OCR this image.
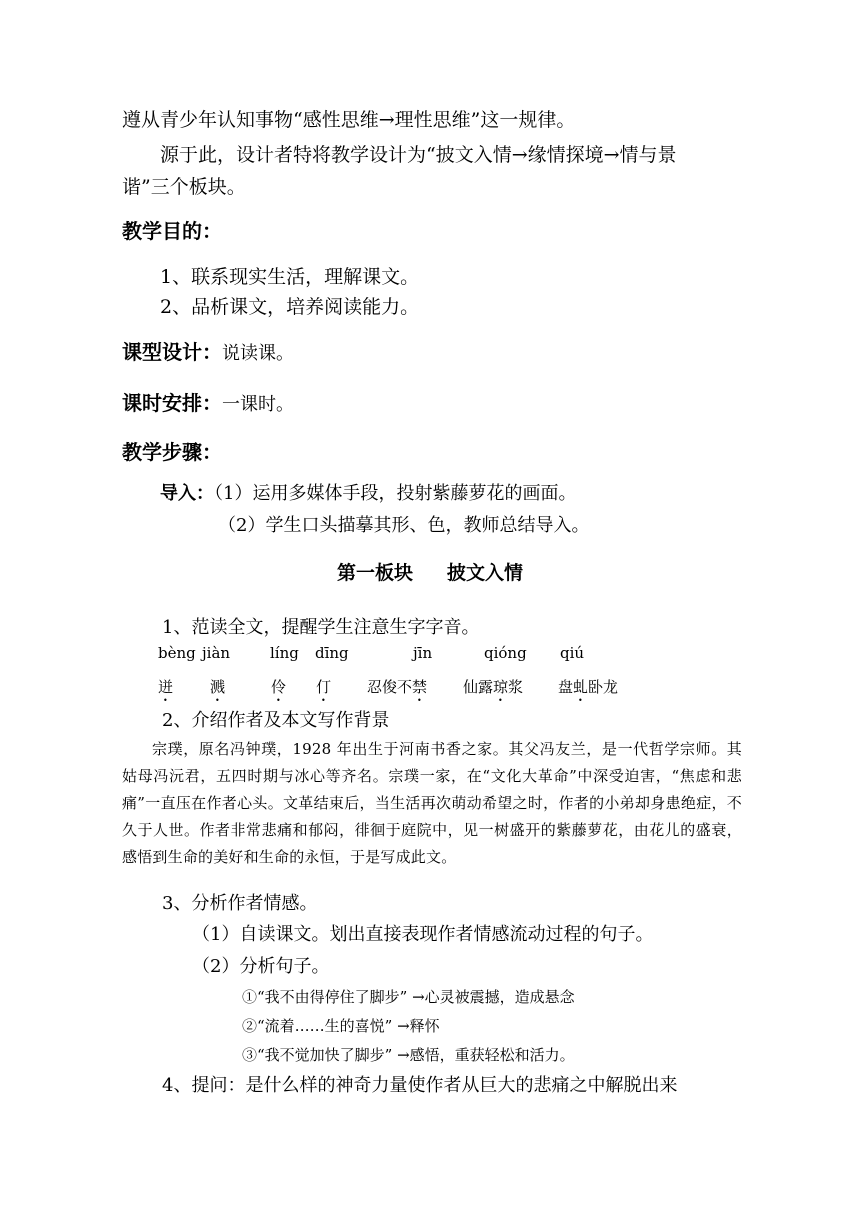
遵从青少年认知事物“感性思维→理性思维”这一规律。
源于此，设计者特将教学设计为“披文入情→缘情探境→情与景
谐”三个板块。
教学目的：
1、联系现实生活，理解课文。
2、品析课文，培养阅读能力。
课型设计：说读课。
课时安排：一课时。
教学步骤：
导入：（1）运用多媒体手段，投射紫藤萝花的画面。
（2）学生口头描摹其形、色，教师总结导入。
第一板块 披文入情
1、范读全文，提醒学生注意生字字音。
bèng jiàn	líng dīng	jīn	qióng qiú
迸 溅	伶 仃 忍俊不禁 仙露琼浆 盘虬卧龙
2、介绍作者及本文写作背景
宗璞，原名冯钟璞，1928 年出生于河南书香之家。其父冯友兰，是一代哲学宗师。其姑母冯沅君，五四时期与冰心等齐名。宗璞一家，在“文化大革命”中深受迫害，“焦虑和悲痛”一直压在作者心头。文革结束后，当生活再次萌动希望之时，作者的小弟却身患绝症，不久于人世。作者非常悲痛和郁闷，徘徊于庭院中，见一树盛开的紫藤萝花，由花儿的盛衰，感悟到生命的美好和生命的永恒，于是写成此文。
3、分析作者情感。
（1）自读课文。划出直接表现作者情感流动过程的句子。
（2）分析句子。
①“我不由得停住了脚步” →心灵被震撼，造成悬念
②“流着……生的喜悦” →释怀
③“我不觉加快了脚步” →感悟，重获轻松和活力。
4、提问：是什么样的神奇力量使作者从巨大的悲痛之中解脱出来
